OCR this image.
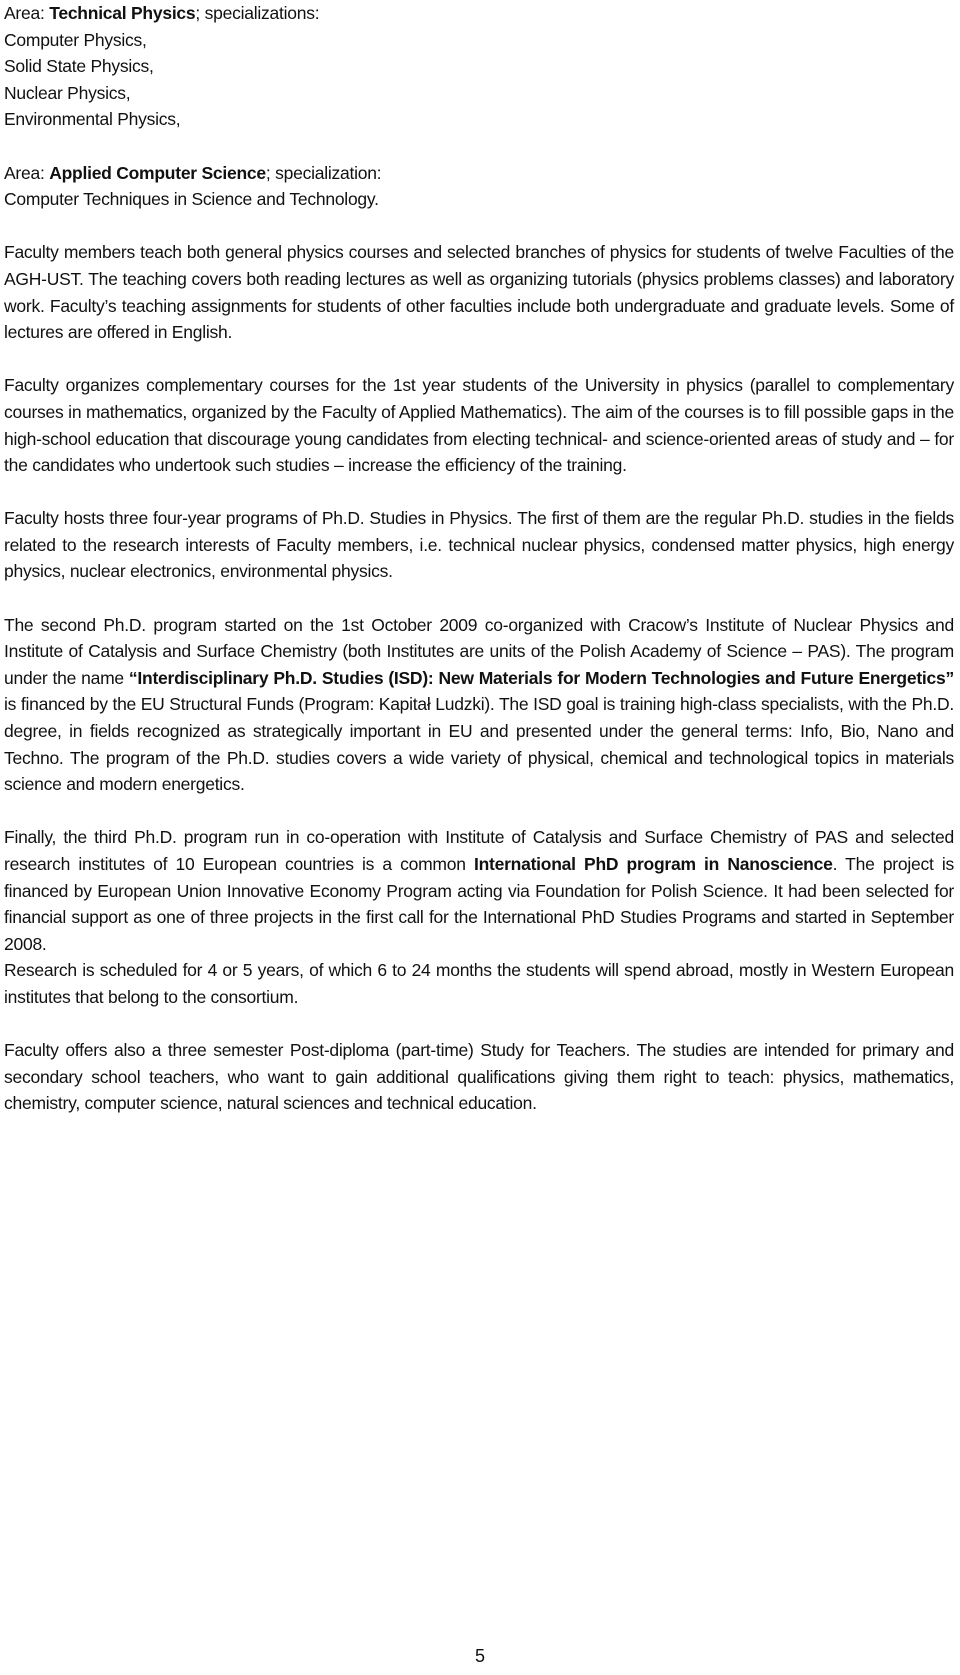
Area: Technical Physics; specializations:
Computer Physics,
Solid State Physics,
Nuclear Physics,
Environmental Physics,
Area: Applied Computer Science; specialization:
Computer Techniques in Science and Technology.

Faculty members teach both general physics courses and selected branches of physics for students of twelve Faculties of the AGH-UST. The teaching covers both reading lectures as well as organizing tutorials (physics problems classes) and laboratory work. Faculty’s teaching assignments for students of other faculties include both undergraduate and graduate levels. Some of lectures are offered in English.

Faculty organizes complementary courses for the 1st year students of the University in physics (parallel to complementary courses in mathematics, organized by the Faculty of Applied Mathematics). The aim of the courses is to fill possible gaps in the high-school education that discourage young candidates from electing technical- and science-oriented areas of study and – for the candidates who undertook such studies – increase the efficiency of the training.

Faculty hosts three four-year programs of Ph.D. Studies in Physics. The first of them are the regular Ph.D. studies in the fields related to the research interests of Faculty members, i.e. technical nuclear physics, condensed matter physics, high energy physics, nuclear electronics, environmental physics.

The second Ph.D. program started on the 1st October 2009 co-organized with Cracow’s Institute of Nuclear Physics and Institute of Catalysis and Surface Chemistry (both Institutes are units of the Polish Academy of Science – PAS). The program under the name “Interdisciplinary Ph.D. Studies (ISD): New Materials for Modern Technologies and Future Energetics” is financed by the EU Structural Funds (Program: Kapitał Ludzki). The ISD goal is training high-class specialists, with the Ph.D. degree, in fields recognized as strategically important in EU and presented under the general terms: Info, Bio, Nano and Techno. The program of the Ph.D. studies covers a wide variety of physical, chemical and technological topics in materials science and modern energetics.

Finally, the third Ph.D. program run in co-operation with Institute of Catalysis and Surface Chemistry of PAS and selected research institutes of 10 European countries is a common International PhD program in Nanoscience. The project is financed by European Union Innovative Economy Program acting via Foundation for Polish Science. It had been selected for financial support as one of three projects in the first call for the International PhD Studies Programs and started in September 2008.

Research is scheduled for 4 or 5 years, of which 6 to 24 months the students will spend abroad, mostly in Western European institutes that belong to the consortium.

Faculty offers also a three semester Post-diploma (part-time) Study for Teachers. The studies are intended for primary and secondary school teachers, who want to gain additional qualifications giving them right to teach: physics, mathematics, chemistry, computer science, natural sciences and technical education.

5
